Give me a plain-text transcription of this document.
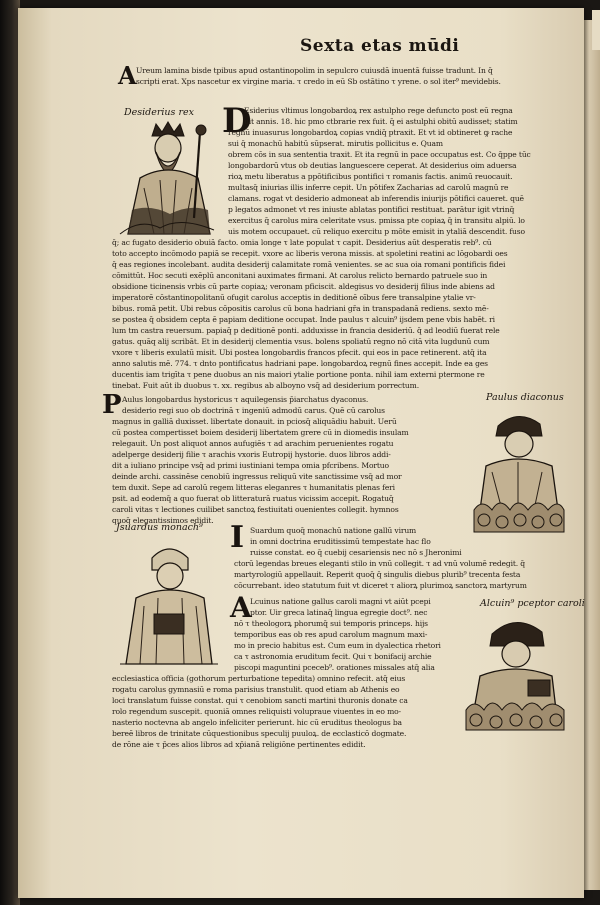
Sexta etas mūdi
A Ureum lamina bisde tpibus apud ostantinopolim in sepulcro cuiusdā inuentā fuisse tradunt. In q̄
scripti erat. Xps nascetur ex virgine maria. τ credo in eū Sb ostātino τ yrene. o sol iter⁹ mevidebis.
Desiderius rex D
Esiderius vltimus longobardoꝝ rex astulpho rege defuncto post eū regna
uit annis. 18. hic pmo ctbrarie rex fuit. q̄ ei astulphi obitū audisset; statim
regnū inuasurus longobardoꝝ copias vndiq̄ ptraxit. Et vt id obtineret ꝙ rache
sui q̄ monachū habitū sūpserat. mirutis pollicitus e. Quam
obrem cōs in sua sententia traxit. Et ita regnū in pace occupatus est. Co q̄ppe tūc
longobardorū vtus ob deutias languescere ceperat. At desiderius oim aduersa
rioꝝ metu liberatus a ppōtificibus pontifici τ romanis factis. animū reuocauit.
multasq̄ iniurias illis inferre cepit. Un pōtifex Zacharias ad carolū magnū re
clamans. rogat vt desiderio admoneat ab inferendis iniurijs pōtifici caueret. quē
p legatos admonet vt res iniuste ablatas pontifici restituat. parātur igit vtrinq̄
exercitus q̄ carolus mira celeritate vsus. pmissa pte copiaꝝ q̄ in transitu alpiū. lo
uis motem occupauet. cū reliquo exercitu p mōte emisit in ytaliā descendit. fuso
q̄; ac fugato desiderio obuiā facto. omia longe τ late populat τ capit. Desiderius aūt desperatis reb⁹. cū
toto accepto incōmodo papiā se recepit. vxore ac liberis verona missis. at spoletini reatini ac lōgobardi oes
q̄ eas regiones incolebant. audita desiderij calamitate romā venientes. se ac sua oia romani pontificis fidei
cōmittūt. Hoc secuti exēplū anconitani auximates firmani. At carolus relicto bernardo patruele suo in
obsidione ticinensis vrbis cū parte copiaꝝ; veronam pficiscit. aldegisus vo desiderij filius inde abiens ad
imperatorē cōstantinopolitanū ofugit carolus acceptis in deditionē oībus fere transalpine ytalie vr-
bibus. romā petit. Ubi rebus cōpositis carolus cū bona hadriani gr̄a in transpadanā rediens. sexto mē-
se postea q̄ obsidem cepta ē papiam deditione occupat. Inde paulus τ alcuin⁹ ijsdem pene vbis habēt. ri
lum tm castra reuersum. papiaq̄ p deditionē ponti. adduxisse in francia desideriū. q̄ ad leodiū fuerat rele
gatus. quāq alij scribāt. Et in desiderij clementia vsus. bolens spoliatū regno nō citā vita lugdunū cum
vxore τ liberis exulatū misit. Ubi postea longobardis francos pfecit. qui eos in pace retinerent. atq̄ ita
anno salutis mē. 774. τ dnto pontificatus hadriani pape. longobardoꝝ regnū fines accepit. Inde ea ges
ducentis iam trigīta τ pene duobus an nis maiori ytalie portione ponta. nihil iam externi ptermone re
tinebat. Fuit aūt ib duobus τ. xx. regibus ab alboyno vsq̄ ad desiderium porrectum.
P Aulus longobardus hystoricus τ aquilegensis p̄iarchatus dyaconus.
desiderio regi suo ob doctrinā τ ingeniū admodū carus. Quē cū carolus
magnus in galliā duxisset. libertate donauit. in pciosq̄ aliquādiu habuit. Uerū
cū postea compertisset boiem desiderij libertatem grere cū in diomedis insulam
relegauit. Un post aliquot annos aufugiēs τ ad arachim peruenientes rogatu
adelperge desiderij filie τ arachis vxoris Eutropij hystorie. duos libros addi-
dit a iuliano principe vsq̄ ad primi iustiniani tempa omia pfcribens. Mortuo
deinde archi. cassinēse cenobiū ingressus reliquū vite sanctissime vsq̄ ad mor
tem duxit. Sepe ad carolū regem litteras eleganres τ humanitatis plenas feri
psit. ad eodemq̄ a quo fuerat ob litteraturā ruatus vicissim accepit. Rogatuq̄
caroli vitas τ lectiones cuilibet sanctoꝝ festiuitati ouenientes collegit. hymnos
quoq̄ elegantissimos edidit.
Paulus diaconus
Jsuardus monach⁹ I Suardum quoq̄ monachū natione gallū virum
in omni doctrina eruditissimū tempestate hac flo
ruisse constat. eo q̄ cuebij cesariensis nec nō s Jheronimi
ctorū legendas breues eleganti stilo in vnū collegit. τ ad vnū volumē redegit. q̄
martyrologiū appellauit. Reperit quoq̄ q̄ singulis diebus plurib⁹ trecenta festa
cōcurrebant. ideo statutum fuit vt diceret τ aliorꝝ plurimoꝝ sanctorꝝ martyrum
A	Alcuin⁹ pceptor caroli
Lcuinus natione gallus caroli magni vt aiūt pcepi
ptor. Uir greca latinaq̄ lingua egregie doct⁹. nec
nō τ theologorꝝ phorumq̄ sui temporis princeps. hijs
temporibus eas ob res apud carolum magnum maxi-
mo in precio habitus est. Cum eum in dyalectica rhetori
ca τ astronomia eruditum fecit. Qui τ bonifacij archie
piscopi maguntini pceceb⁹. orationes missales atq̄ alia
ecclesiastica officia (gothorum perturbatione tepedita) omnino refecit. atq̄ eius
rogatu carolus gymnasiū e roma parisius transtulit. quod etiam ab Athenis eo
loci translatum fuisse constat. qui τ cenobiom sancti martini thuronis donate ca
rolo regendum suscepit. quoniā omnes reliquisti volupraue viuentes in eo mo-
nasterio noctevna ab angelo infeliciter perierunt. hic cū eruditus theologus ba
bereē libros de trinitate cūquestionibus speculij puuloꝝ. de ecclasticō dogmate.
de rōne aie τ p̄ces alios libros ad xp̄ianā religiōne pertinentes edidit.
